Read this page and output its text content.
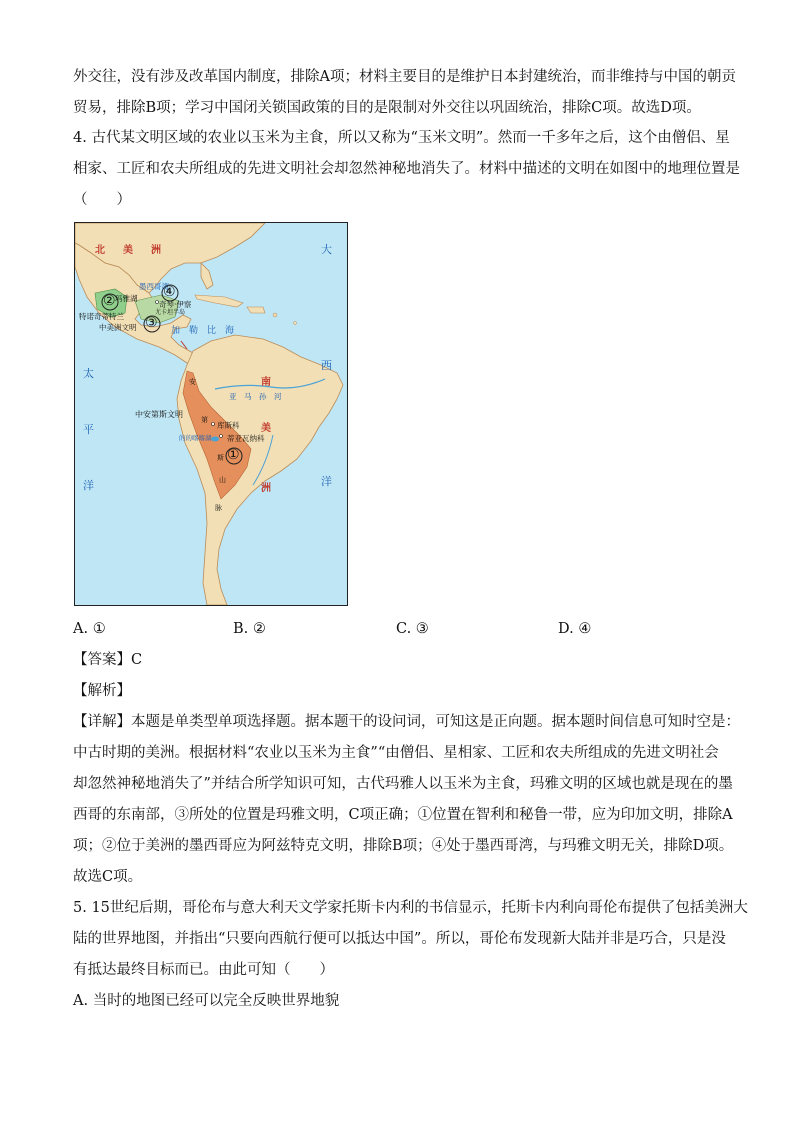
外交往，没有涉及改革国内制度，排除A项；材料主要目的是维护日本封建统治，而非维持与中国的朝贡
贸易，排除B项；学习中国闭关锁国政策的目的是限制对外交往以巩固统治，排除C项。故选D项。
4. 古代某文明区域的农业以玉米为主食，所以又称为“玉米文明”。然而一千多年之后，这个由僧侣、星
相家、工匠和农夫所组成的先进文明社会却忽然神秘地消失了。材料中描述的文明在如图中的地理位置是
（　　）
北　美　洲
墨西哥湾
玛雅湖
奇琴·伊察
尤卡坦半岛
特诺奇蒂特兰
中美洲文明	加　勒　比　海
大
西
洋
太
平
洋
南
美
洲
亚　马　孙　河
安
第
斯
山
脉
中安第斯文明
库斯科
的的喀喀湖 蒂亚瓦纳科
①
②
③
④
A. ①	B. ②	C. ③	D. ④
【答案】C
【解析】
【详解】本题是单类型单项选择题。据本题干的设问词，可知这是正向题。据本题时间信息可知时空是：
中古时期的美洲。根据材料“农业以玉米为主食”“由僧侣、星相家、工匠和农夫所组成的先进文明社会
却忽然神秘地消失了”并结合所学知识可知，古代玛雅人以玉米为主食，玛雅文明的区域也就是现在的墨
西哥的东南部，③所处的位置是玛雅文明，C项正确；①位置在智利和秘鲁一带，应为印加文明，排除A
项；②位于美洲的墨西哥应为阿兹特克文明，排除B项；④处于墨西哥湾，与玛雅文明无关，排除D项。
故选C项。
5. 15世纪后期，哥伦布与意大利天文学家托斯卡内利的书信显示，托斯卡内利向哥伦布提供了包括美洲大
陆的世界地图，并指出“只要向西航行便可以抵达中国”。所以，哥伦布发现新大陆并非是巧合，只是没
有抵达最终目标而已。由此可知（　　）
A. 当时的地图已经可以完全反映世界地貌
